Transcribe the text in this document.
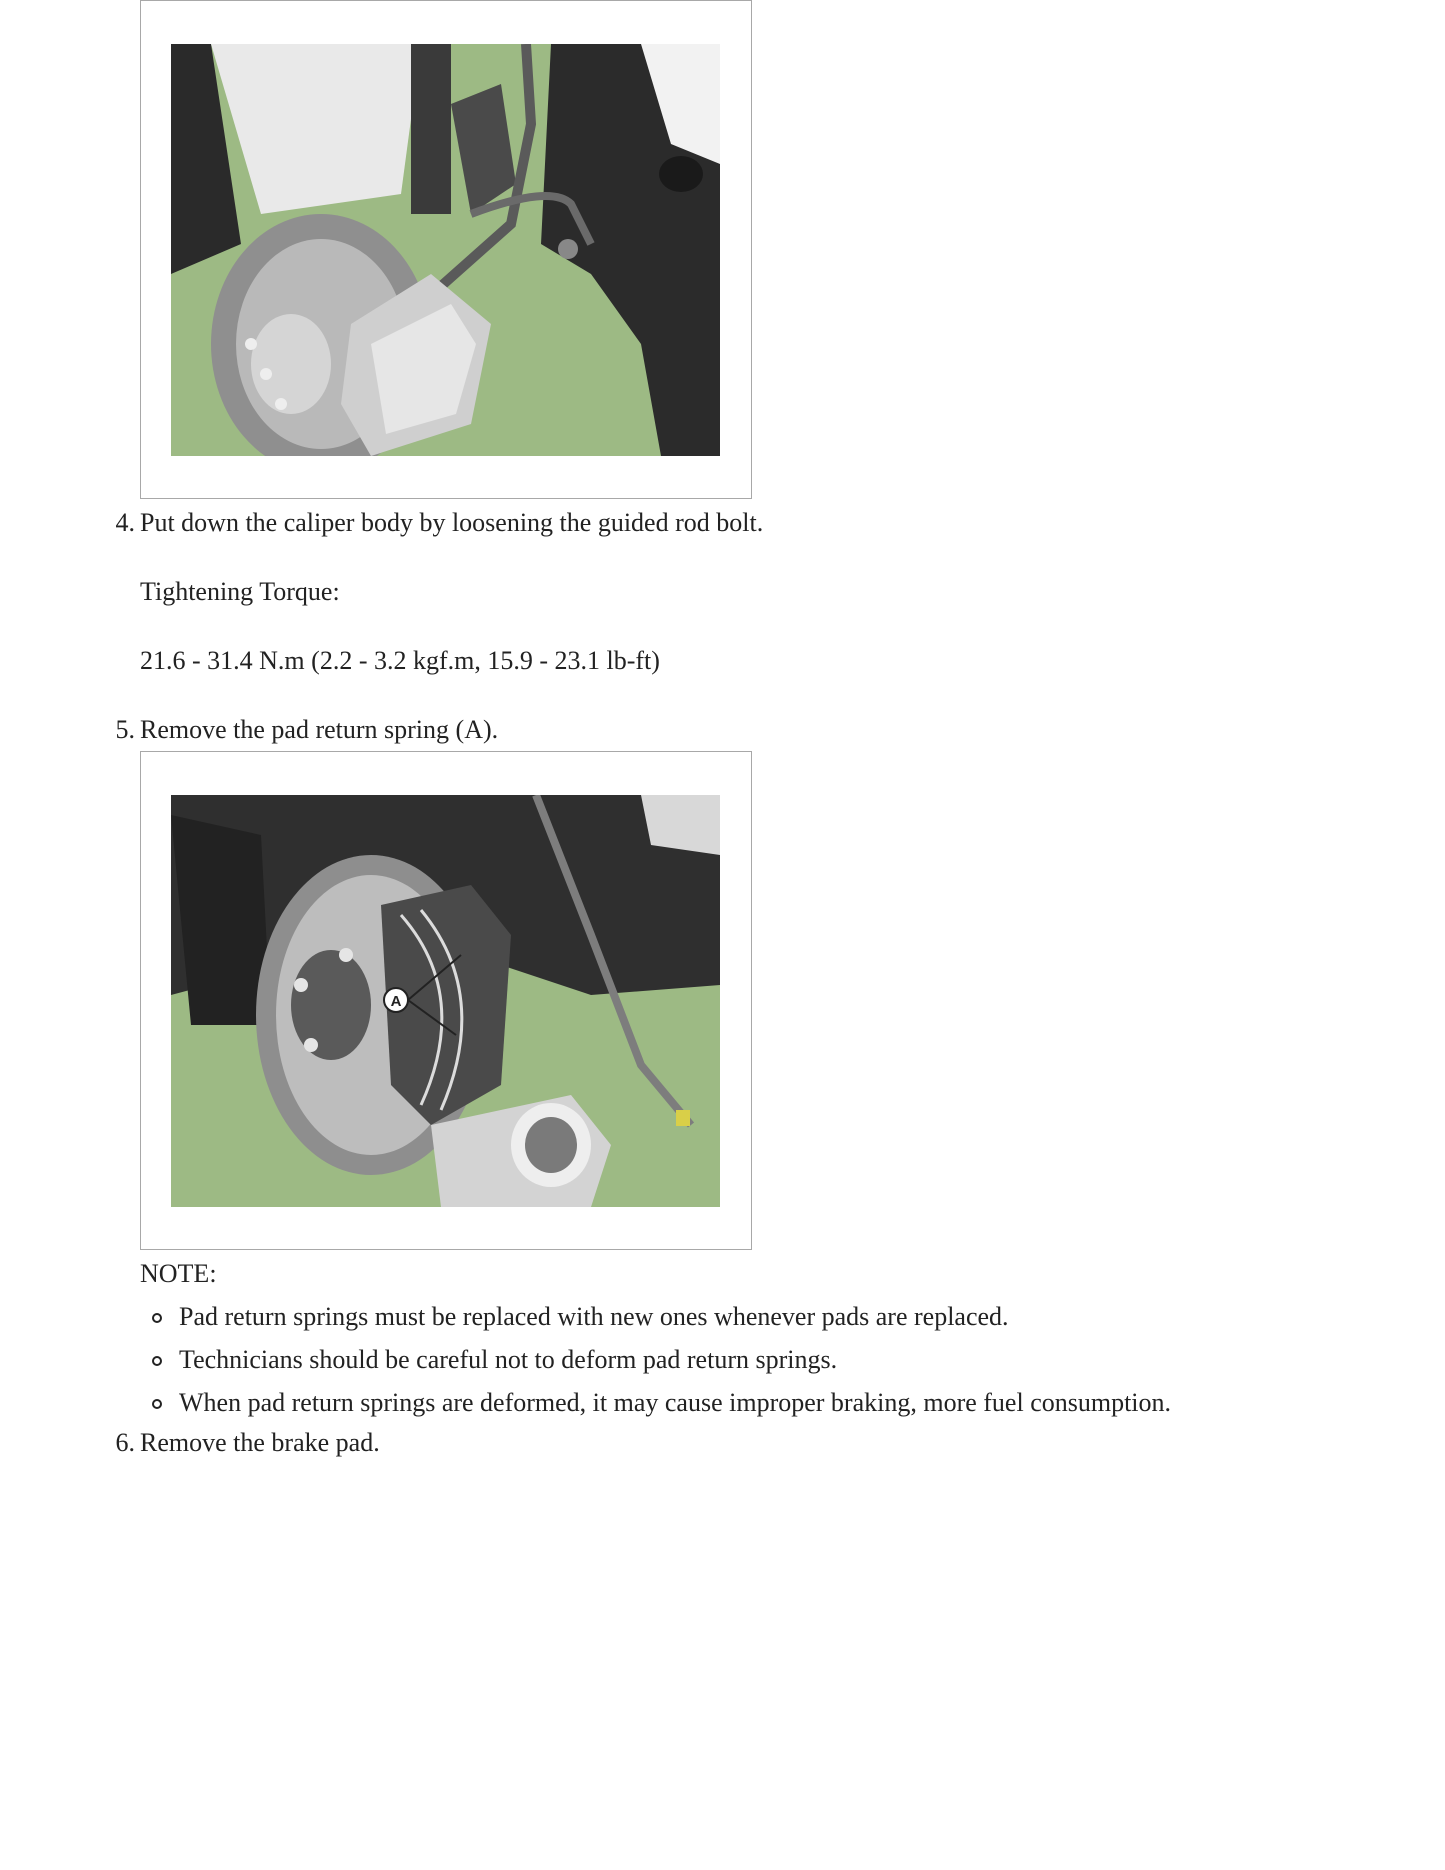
4. Put down the caliper body by loosening the guided rod bolt.
Tightening Torque:
21.6 - 31.4 N.m (2.2 - 3.2 kgf.m, 15.9 - 23.1 lb-ft)
5. Remove the pad return spring (A).
A
NOTE:
Pad return springs must be replaced with new ones whenever pads are replaced.
Technicians should be careful not to deform pad return springs.
When pad return springs are deformed, it may cause improper braking, more fuel consumption.
6. Remove the brake pad.
